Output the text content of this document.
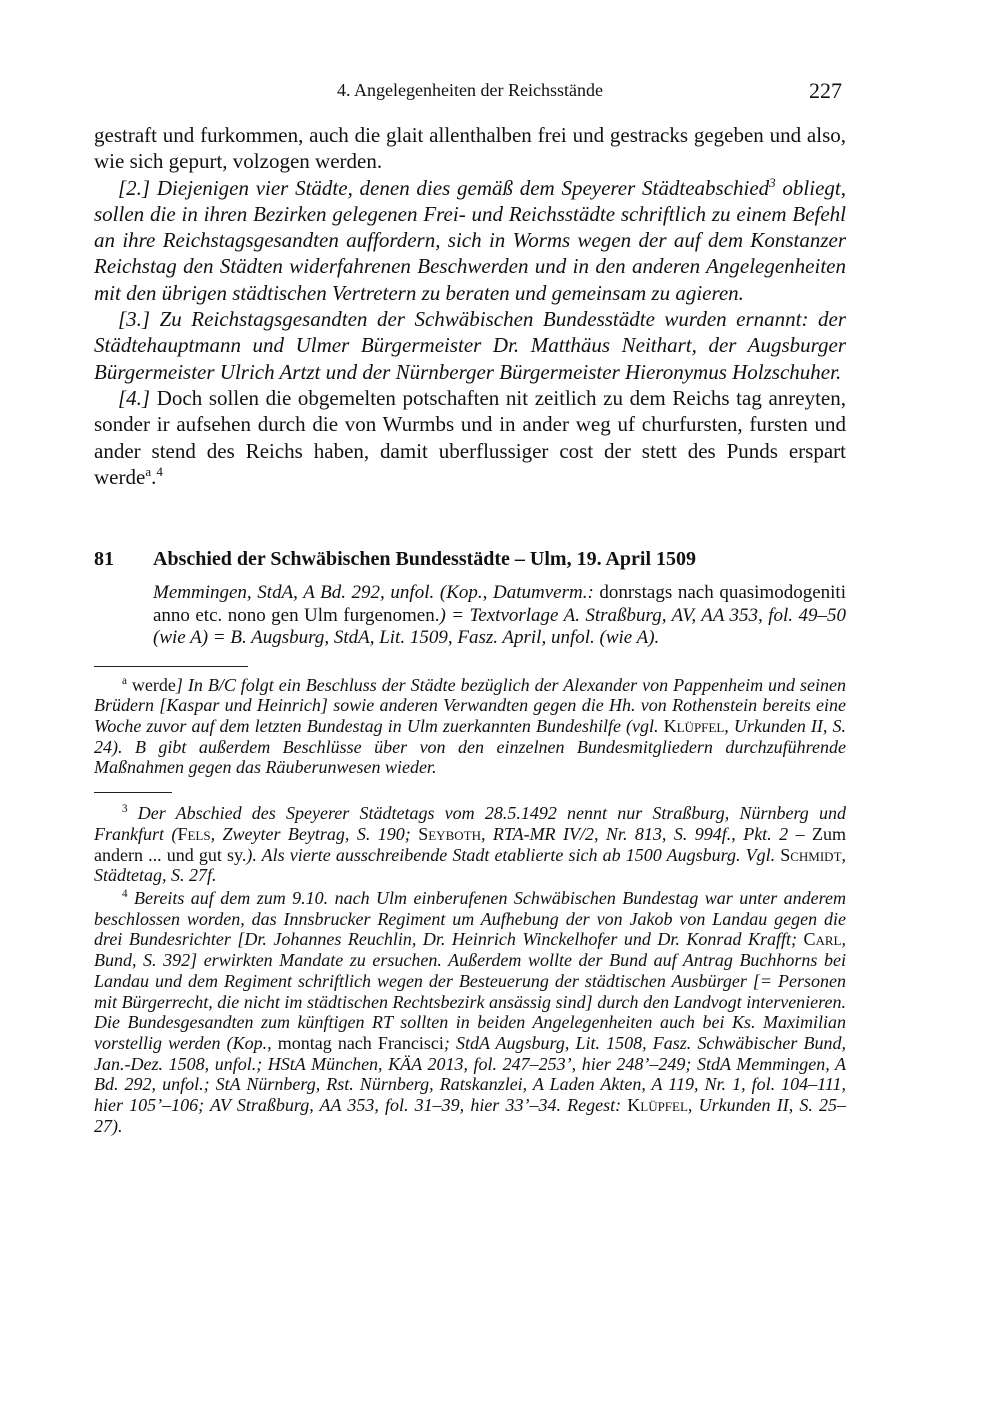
4. Angelegenheiten der Reichsstände	227

gestraft und furkommen, auch die glait allenthalben frei und gestracks gegeben und also, wie sich gepurt, volzogen werden.

[2.] Diejenigen vier Städte, denen dies gemäß dem Speyerer Städteabschied$^3$ obliegt, sollen die in ihren Bezirken gelegenen Frei- und Reichsstädte schriftlich zu einem Befehl an ihre Reichstagsgesandten auffordern, sich in Worms wegen der auf dem Konstanzer Reichstag den Städten widerfahrenen Beschwerden und in den anderen Angelegenheiten mit den übrigen städtischen Vertretern zu beraten und gemeinsam zu agieren.

[3.] Zu Reichstagsgesandten der Schwäbischen Bundesstädte wurden ernannt: der Städtehauptmann und Ulmer Bürgermeister Dr. Matthäus Neithart, der Augsburger Bürgermeister Ulrich Artzt und der Nürnberger Bürgermeister Hieronymus Holzschuher.

[4.] Doch sollen die obgemelten potschaften nit zeitlich zu dem Reichs tag anreyten, sonder ir aufsehen durch die von Wurmbs und in ander weg uf churfursten, fursten und ander stend des Reichs haben, damit uberflussiger cost der stett des Punds erspart werde$^a$.$^4$

81	Abschied der Schwäbischen Bundesstädte – Ulm, 19. April 1509
Memmingen, StdA, A Bd. 292, unfol. (Kop., Datumverm.: donrstags nach quasimodogeniti anno etc. nono gen Ulm furgenomen.) = Textvorlage A. Straßburg, AV, AA 353, fol. 49–50 (wie A) = B. Augsburg, StdA, Lit. 1509, Fasz. April, unfol. (wie A).

$^a$ werde] In B/C folgt ein Beschluss der Städte bezüglich der Alexander von Pappenheim und seinen Brüdern [Kaspar und Heinrich] sowie anderen Verwandten gegen die Hh. von Rothenstein bereits eine Woche zuvor auf dem letzten Bundestag in Ulm zuerkannten Bundeshilfe (vgl. Klüpfel, Urkunden II, S. 24). B gibt außerdem Beschlüsse über von den einzelnen Bundesmitgliedern durchzuführende Maßnahmen gegen das Räuberunwesen wieder.

$^3$ Der Abschied des Speyerer Städtetags vom 28.5.1492 nennt nur Straßburg, Nürnberg und Frankfurt (Fels, Zweyter Beytrag, S. 190; Seyboth, RTA-MR IV/2, Nr. 813, S. 994f., Pkt. 2 – Zum andern ... und gut sy.). Als vierte ausschreibende Stadt etablierte sich ab 1500 Augsburg. Vgl. Schmidt, Städtetag, S. 27f.

$^4$ Bereits auf dem zum 9.10. nach Ulm einberufenen Schwäbischen Bundestag war unter anderem beschlossen worden, das Innsbrucker Regiment um Aufhebung der von Jakob von Landau gegen die drei Bundesrichter [Dr. Johannes Reuchlin, Dr. Heinrich Winckelhofer und Dr. Konrad Krafft; Carl, Bund, S. 392] erwirkten Mandate zu ersuchen. Außerdem wollte der Bund auf Antrag Buchhorns bei Landau und dem Regiment schriftlich wegen der Besteuerung der städtischen Ausbürger [= Personen mit Bürgerrecht, die nicht im städtischen Rechtsbezirk ansässig sind] durch den Landvogt intervenieren. Die Bundesgesandten zum künftigen RT sollten in beiden Angelegenheiten auch bei Ks. Maximilian vorstellig werden (Kop., montag nach Francisci; StdA Augsburg, Lit. 1508, Fasz. Schwäbischer Bund, Jan.-Dez. 1508, unfol.; HStA München, KÄA 2013, fol. 247–253’, hier 248’–249; StdA Memmingen, A Bd. 292, unfol.; StA Nürnberg, Rst. Nürnberg, Ratskanzlei, A Laden Akten, A 119, Nr. 1, fol. 104–111, hier 105’–106; AV Straßburg, AA 353, fol. 31–39, hier 33’–34. Regest: Klüpfel, Urkunden II, S. 25–27).
